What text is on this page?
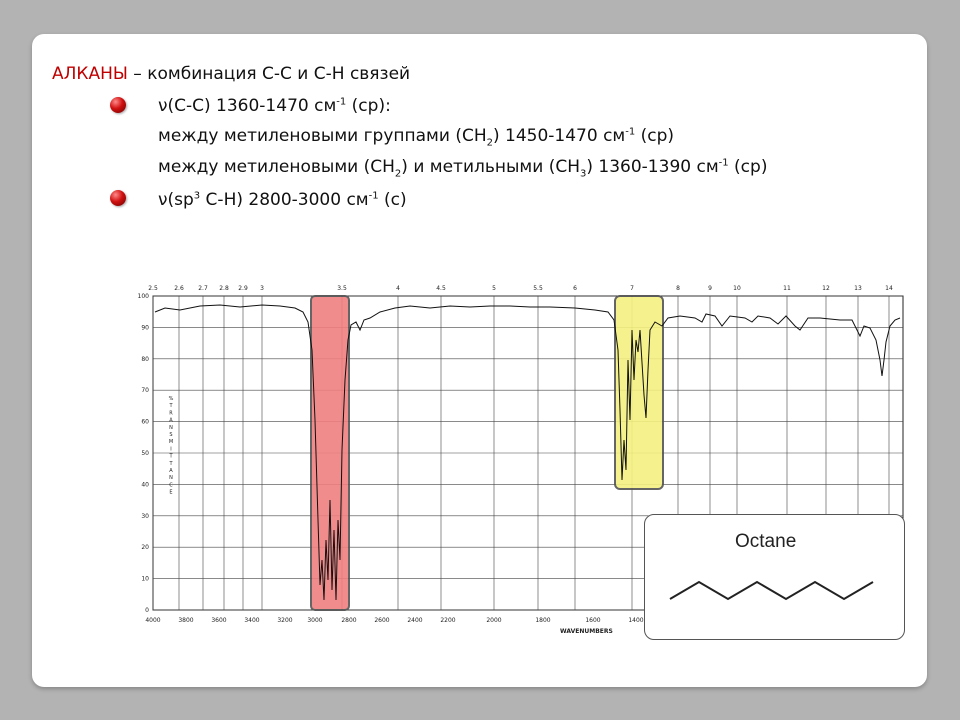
АЛКАНЫ – комбинация С-С и С-Н связей
ν(С-С) 1360-1470 $см^{-1}$ (ср):
между метиленовыми группами $(CH_2)$ 1450-1470 $см^{-1}$ (ср)
между метиленовыми $(CH_2)$ и метильными $(CH_3)$ 1360-1390 $см^{-1}$ (ср)
$\nu(sp^3$ С-Н) 2800-3000 $см^{-1}$ (с)
2.5	2.6 2.7 2.8 2.9 3	3.5	4	4.5	5	5.5	6	7	8	9	10	11	12	13	14
100
90
80
70
60
50
40
30
20
10
0
4000	3800	3600	3400	3200 3000	2800	2600	2400	2200	2000	1800	1600	1400
WAVENUMBERS
%
T
R
A
N
S
M
I
T
T
A
N
C
E
Octane
